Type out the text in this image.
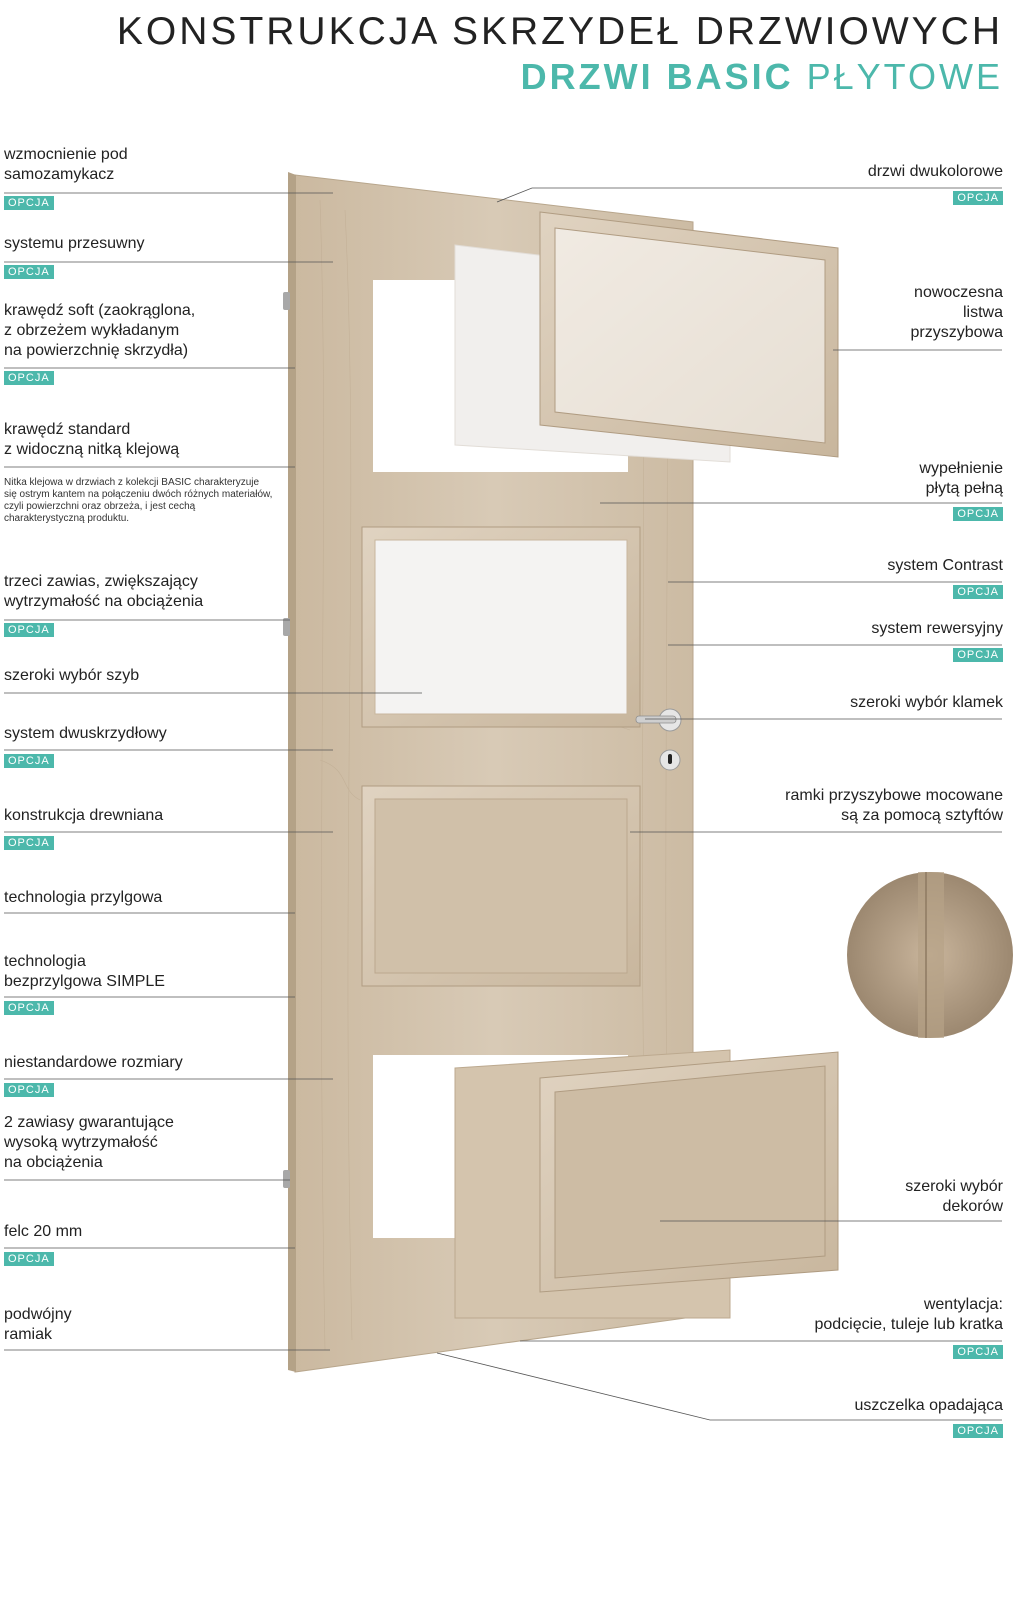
KONSTRUKCJA SKRZYDEŁ DRZWIOWYCH
DRZWI BASIC PŁYTOWE
wzmocnienie pod
samozamykacz
OPCJA
systemu przesuwny
OPCJA
krawędź soft (zaokrąglona,
z obrzeżem wykładanym
na powierzchnię skrzydła)
OPCJA
krawędź standard
z widoczną nitką klejową
Nitka klejowa w drzwiach z kolekcji BASIC charakteryzuje się ostrym kantem na połączeniu dwóch różnych materiałów, czyli powierzchni oraz obrzeża, i jest cechą charakterystyczną produktu.
trzeci zawias, zwiększający
wytrzymałość na obciążenia
OPCJA
szeroki wybór szyb
system dwuskrzydłowy
OPCJA
konstrukcja drewniana
OPCJA
technologia przylgowa
technologia
bezprzylgowa SIMPLE
OPCJA
niestandardowe rozmiary
OPCJA
2 zawiasy gwarantujące
wysoką wytrzymałość
na obciążenia
felc 20 mm
OPCJA
podwójny
ramiak
drzwi dwukolorowe
OPCJA
nowoczesna
listwa
przyszybowa
wypełnienie
płytą pełną
OPCJA
system Contrast
OPCJA
system rewersyjny
OPCJA
szeroki wybór klamek
ramki przyszybowe mocowane
są za pomocą sztyftów
szeroki wybór
dekorów
wentylacja:
podcięcie, tuleje lub kratka
OPCJA
uszczelka opadająca
OPCJA
